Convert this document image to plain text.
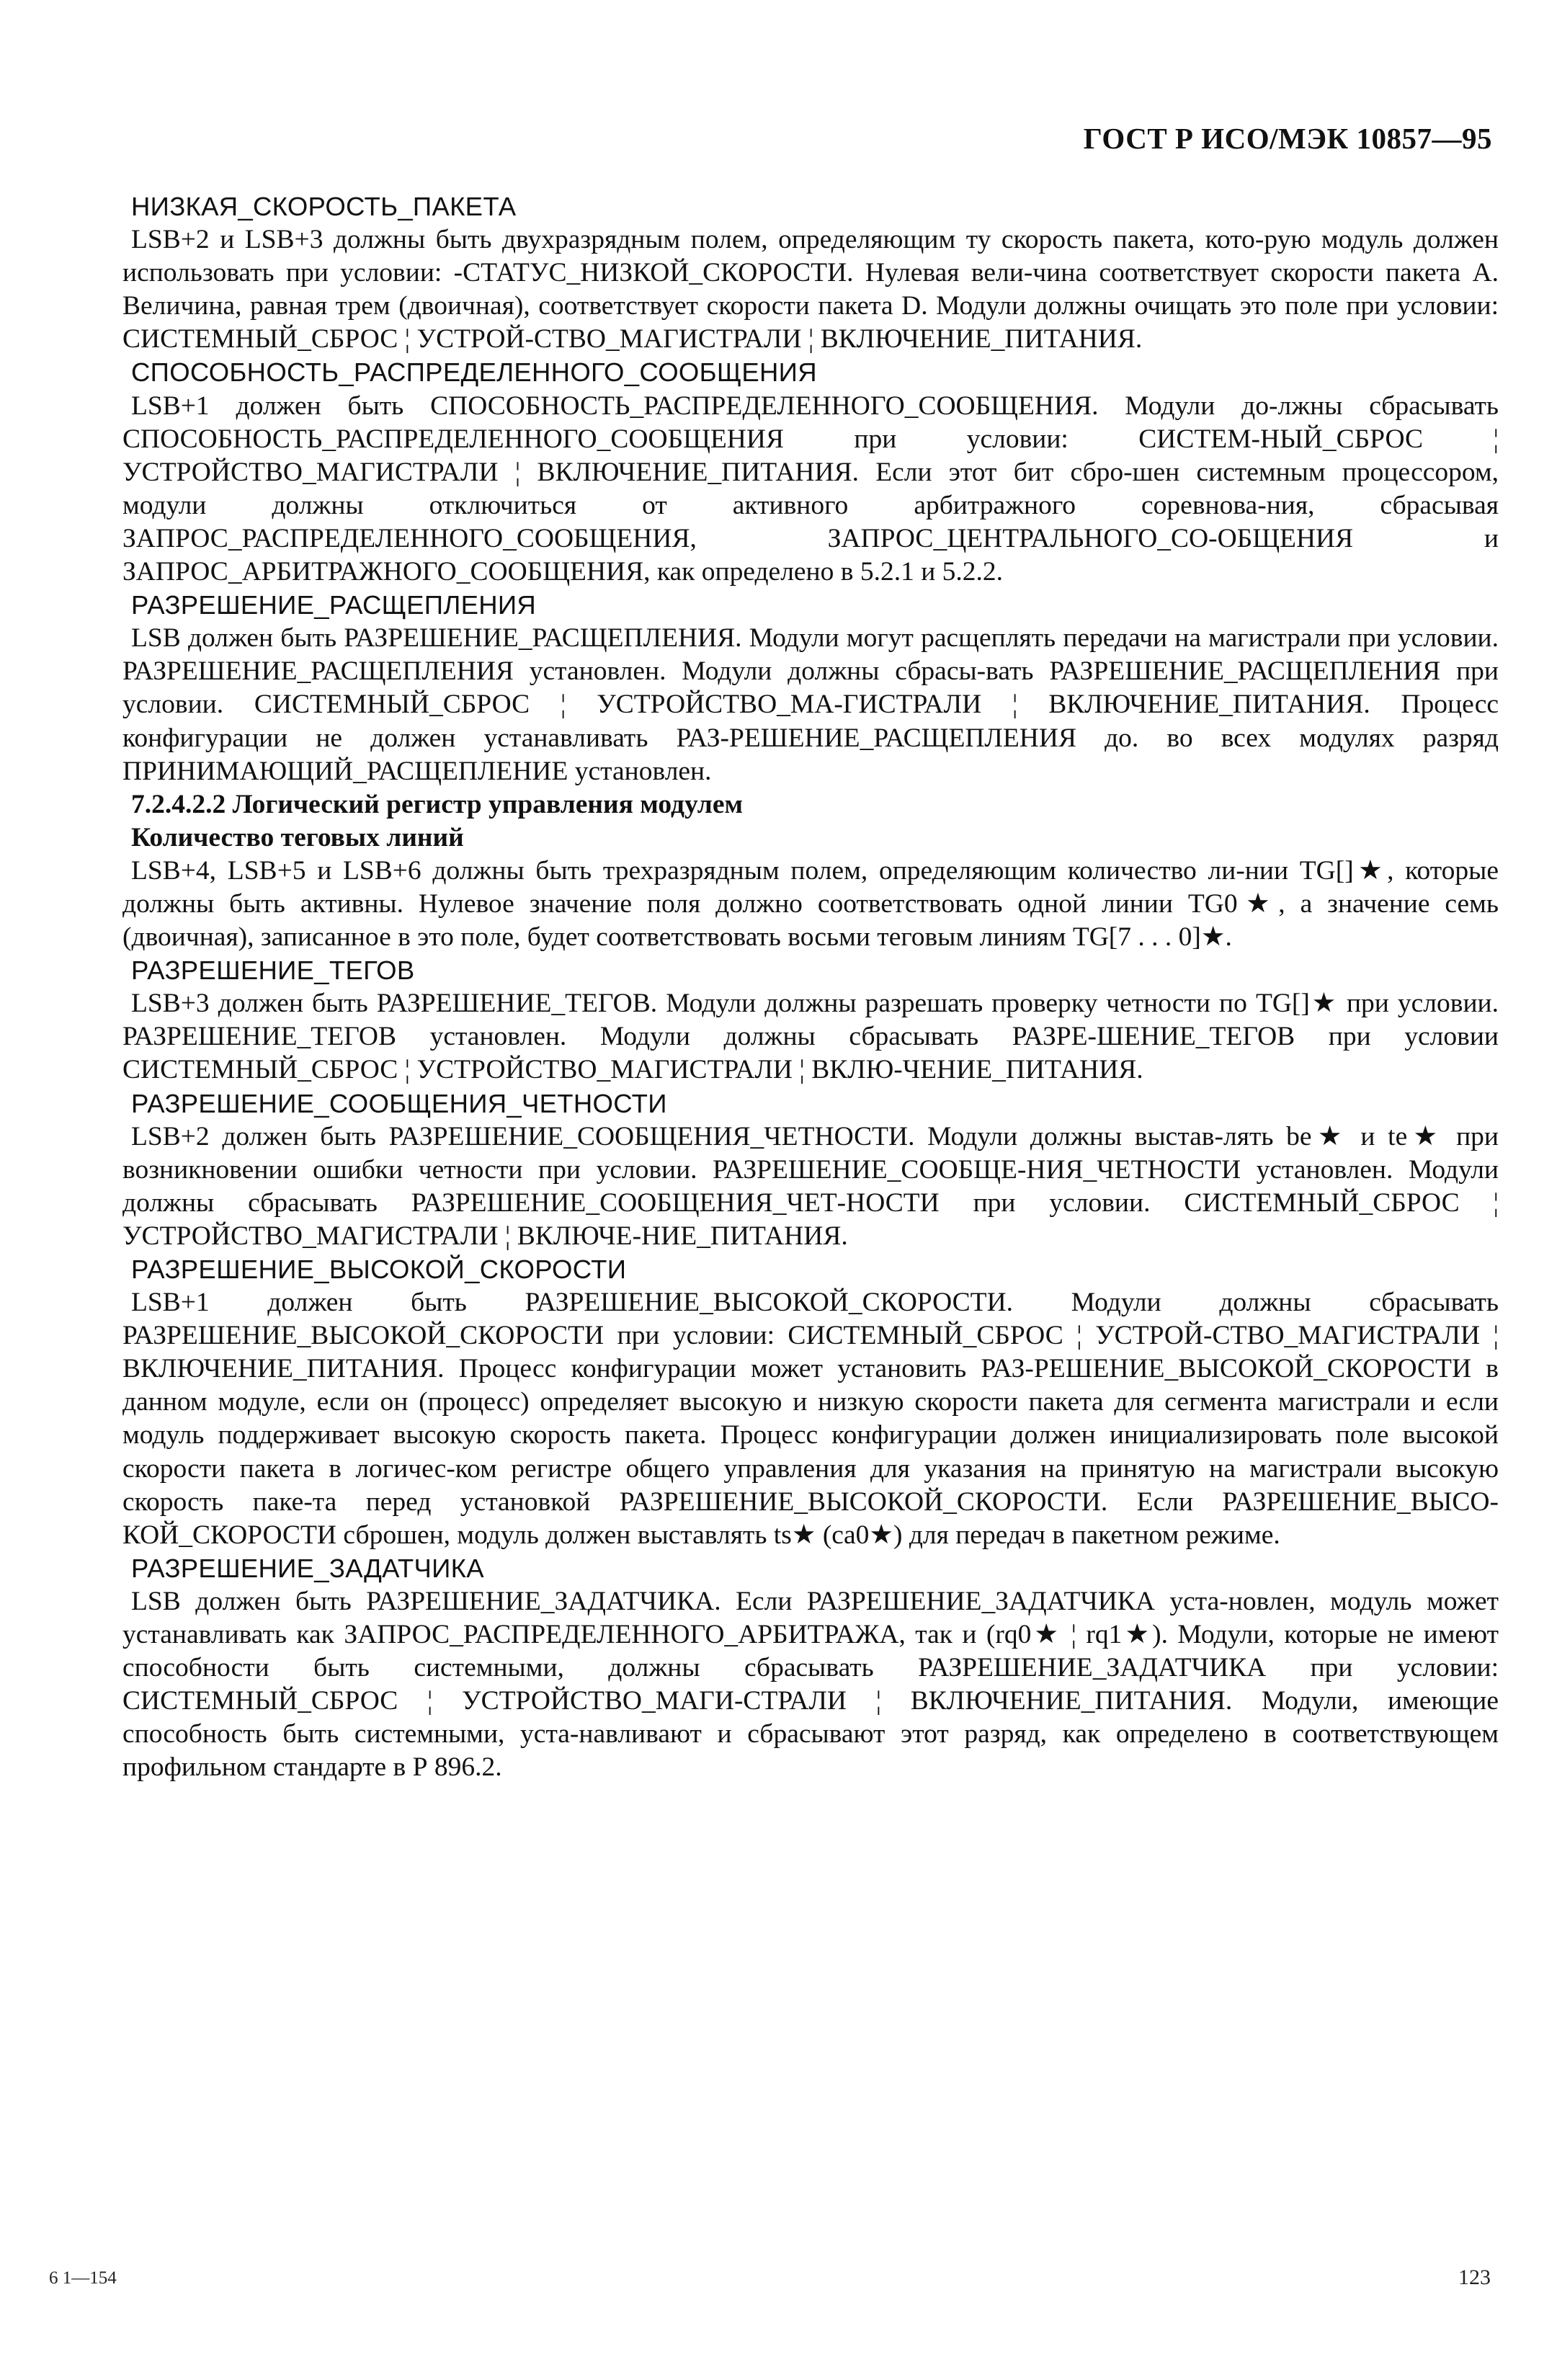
ГОСТ Р ИСО/МЭК 10857—95

НИЗКАЯ_СКОРОСТЬ_ПАКЕТА

LSB+2 и LSB+3 должны быть двухразрядным полем, определяющим ту скорость пакета, кото-рую модуль должен использовать при условии: -СТАТУС_НИЗКОЙ_СКОРОСТИ. Нулевая вели-чина соответствует скорости пакета А. Величина, равная трем (двоичная), соответствует скорости пакета D. Модули должны очищать это поле при условии: СИСТЕМНЫЙ_СБРОС ¦ УСТРОЙ-СТВО_МАГИСТРАЛИ ¦ ВКЛЮЧЕНИЕ_ПИТАНИЯ.

СПОСОБНОСТЬ_РАСПРЕДЕЛЕННОГО_СООБЩЕНИЯ

LSB+1 должен быть СПОСОБНОСТЬ_РАСПРЕДЕЛЕННОГО_СООБЩЕНИЯ. Модули до-лжны сбрасывать СПОСОБНОСТЬ_РАСПРЕДЕЛЕННОГО_СООБЩЕНИЯ при условии: СИСТЕМ-НЫЙ_СБРОС ¦ УСТРОЙСТВО_МАГИСТРАЛИ ¦ ВКЛЮЧЕНИЕ_ПИТАНИЯ. Если этот бит сбро-шен системным процессором, модули должны отключиться от активного арбитражного соревнова-ния, сбрасывая ЗАПРОС_РАСПРЕДЕЛЕННОГО_СООБЩЕНИЯ, ЗАПРОС_ЦЕНТРАЛЬНОГО_СО-ОБЩЕНИЯ и ЗАПРОС_АРБИТРАЖНОГО_СООБЩЕНИЯ, как определено в 5.2.1 и 5.2.2.

РАЗРЕШЕНИЕ_РАСЩЕПЛЕНИЯ

LSB должен быть РАЗРЕШЕНИЕ_РАСЩЕПЛЕНИЯ. Модули могут расщеплять передачи на магистрали при условии. РАЗРЕШЕНИЕ_РАСЩЕПЛЕНИЯ установлен. Модули должны сбрасы-вать РАЗРЕШЕНИЕ_РАСЩЕПЛЕНИЯ при условии. СИСТЕМНЫЙ_СБРОС ¦ УСТРОЙСТВО_МА-ГИСТРАЛИ ¦ ВКЛЮЧЕНИЕ_ПИТАНИЯ. Процесс конфигурации не должен устанавливать РАЗ-РЕШЕНИЕ_РАСЩЕПЛЕНИЯ до. во всех модулях разряд ПРИНИМАЮЩИЙ_РАСЩЕПЛЕНИЕ установлен.

7.2.4.2.2 Логический регистр управления модулем

Количество теговых линий

LSB+4, LSB+5 и LSB+6 должны быть трехразрядным полем, определяющим количество ли-нии TG[]★, которые должны быть активны. Нулевое значение поля должно соответствовать одной линии TG0★, а значение семь (двоичная), записанное в это поле, будет соответствовать восьми теговым линиям TG[7 . . . 0]★.

РАЗРЕШЕНИЕ_ТЕГОВ

LSB+3 должен быть РАЗРЕШЕНИЕ_ТЕГОВ. Модули должны разрешать проверку четности по TG[]★ при условии. РАЗРЕШЕНИЕ_ТЕГОВ установлен. Модули должны сбрасывать РАЗРЕ-ШЕНИЕ_ТЕГОВ при условии СИСТЕМНЫЙ_СБРОС ¦ УСТРОЙСТВО_МАГИСТРАЛИ ¦ ВКЛЮ-ЧЕНИЕ_ПИТАНИЯ.

РАЗРЕШЕНИЕ_СООБЩЕНИЯ_ЧЕТНОСТИ

LSB+2 должен быть РАЗРЕШЕНИЕ_СООБЩЕНИЯ_ЧЕТНОСТИ. Модули должны выстав-лять be★ и te★ при возникновении ошибки четности при условии. РАЗРЕШЕНИЕ_СООБЩЕ-НИЯ_ЧЕТНОСТИ установлен. Модули должны сбрасывать РАЗРЕШЕНИЕ_СООБЩЕНИЯ_ЧЕТ-НОСТИ при условии. СИСТЕМНЫЙ_СБРОС ¦ УСТРОЙСТВО_МАГИСТРАЛИ ¦ ВКЛЮЧЕ-НИЕ_ПИТАНИЯ.

РАЗРЕШЕНИЕ_ВЫСОКОЙ_СКОРОСТИ

LSB+1 должен быть РАЗРЕШЕНИЕ_ВЫСОКОЙ_СКОРОСТИ. Модули должны сбрасывать РАЗРЕШЕНИЕ_ВЫСОКОЙ_СКОРОСТИ при условии: СИСТЕМНЫЙ_СБРОС ¦ УСТРОЙ-СТВО_МАГИСТРАЛИ ¦ ВКЛЮЧЕНИЕ_ПИТАНИЯ. Процесс конфигурации может установить РАЗ-РЕШЕНИЕ_ВЫСОКОЙ_СКОРОСТИ в данном модуле, если он (процесс) определяет высокую и низкую скорости пакета для сегмента магистрали и если модуль поддерживает высокую скорость пакета. Процесс конфигурации должен инициализировать поле высокой скорости пакета в логичес-ком регистре общего управления для указания на принятую на магистрали высокую скорость паке-та перед установкой РАЗРЕШЕНИЕ_ВЫСОКОЙ_СКОРОСТИ. Если РАЗРЕШЕНИЕ_ВЫСО-КОЙ_СКОРОСТИ сброшен, модуль должен выставлять ts★ (ca0★) для передач в пакетном режиме.

РАЗРЕШЕНИЕ_ЗАДАТЧИКА

LSB должен быть РАЗРЕШЕНИЕ_ЗАДАТЧИКА. Если РАЗРЕШЕНИЕ_ЗАДАТЧИКА уста-новлен, модуль может устанавливать как ЗАПРОС_РАСПРЕДЕЛЕННОГО_АРБИТРАЖА, так и (rq0★ ¦ rq1★). Модули, которые не имеют способности быть системными, должны сбрасывать РАЗРЕШЕНИЕ_ЗАДАТЧИКА при условии: СИСТЕМНЫЙ_СБРОС ¦ УСТРОЙСТВО_МАГИ-СТРАЛИ ¦ ВКЛЮЧЕНИЕ_ПИТАНИЯ. Модули, имеющие способность быть системными, уста-навливают и сбрасывают этот разряд, как определено в соответствующем профильном стандарте в Р 896.2.

6 1—154	123
